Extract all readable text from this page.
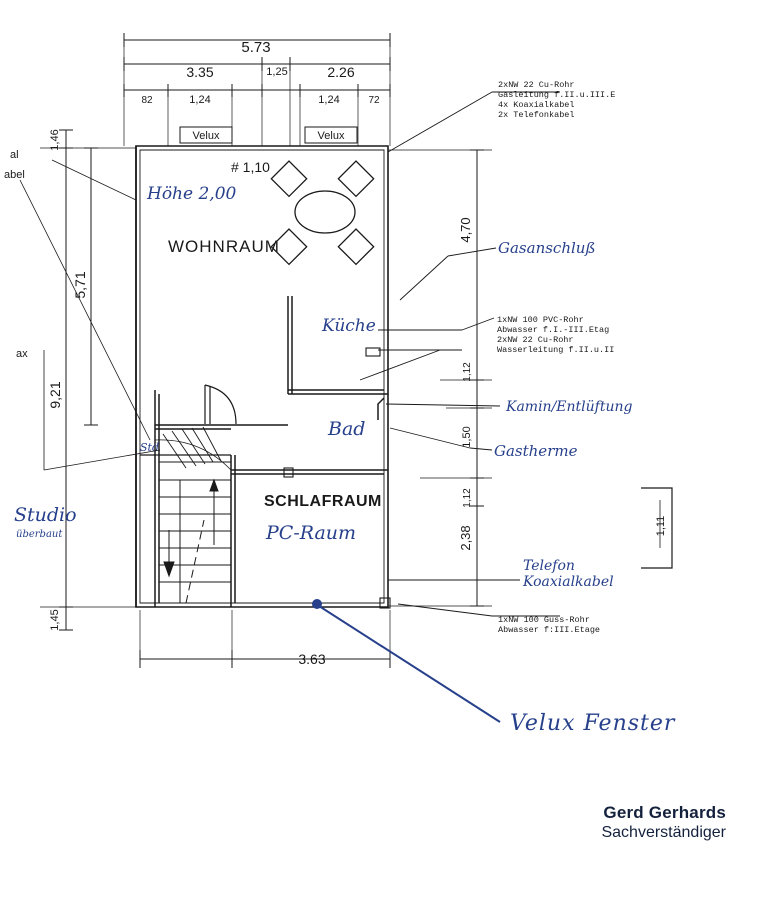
5.73
3.35	1,25	2.26
82	1,24	1,24	72
1,46
5,71
9,21
1,45
4,70
1,12
1,50
1,12
2,38
3.63
1,11
Velux	Velux
WOHNRAUM
Küche
Bad
SCHLAFRAUM
PC-Raum
Studio
überbaut
Höhe 2,00
# 1,10
Gasanschluß
Kamin/Entlüftung
Gastherme
Telefon
Koaxialkabel
Velux Fenster
al
abel
ax
Std
2xNW 22 Cu-Rohr
Gasleitung f.II.u.III.E
4x Koaxialkabel
2x Telefonkabel
1xNW 100 PVC-Rohr
Abwasser f.I.-III.Etag
2xNW 22 Cu-Rohr
Wasserleitung f.II.u.II
1xNW 100 Guss-Rohr
Abwasser f:III.Etage
Gerd Gerhards
Sachverständiger
